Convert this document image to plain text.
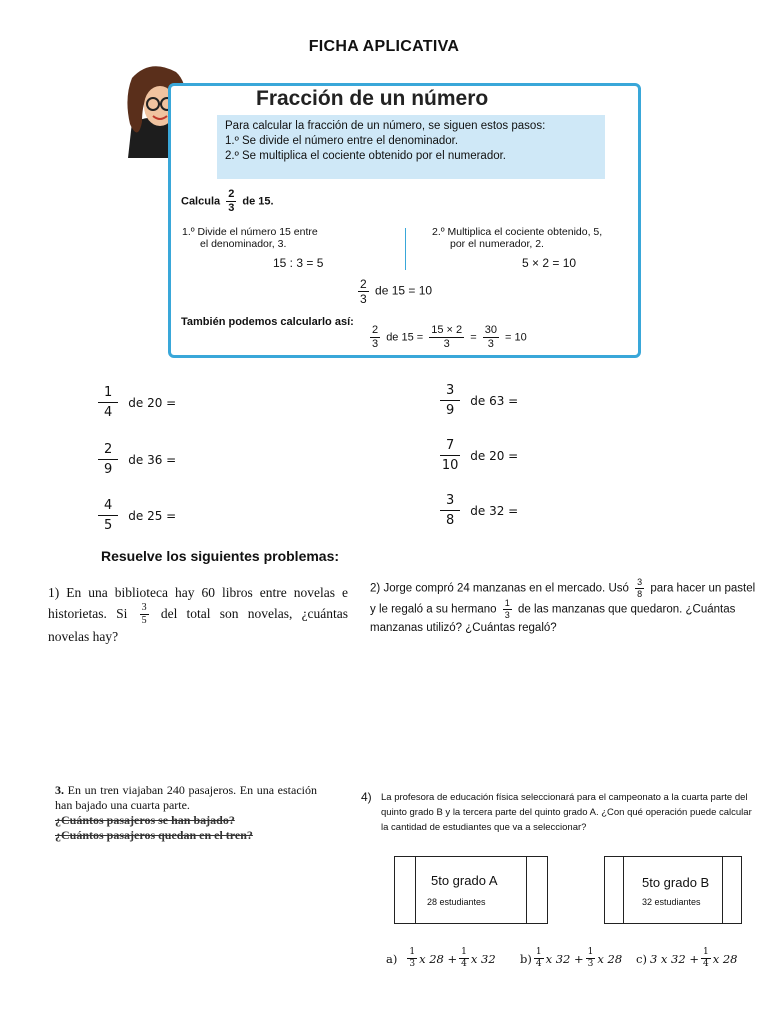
FICHA APLICATIVA
Fracción de un número
Para calcular la fracción de un número, se siguen estos pasos:
1.º Se divide el número entre el denominador.
2.º Se multiplica el cociente obtenido por el numerador.
Calcula $\frac{2}{3}$ de 15.
1.º Divide el número 15 entre
el denominador, 3.
15 : 3 = 5
2.º Multiplica el cociente obtenido, 5,
por el numerador, 2.
5 × 2 = 10
$\frac{2}{3}$ de 15 = 10
También podemos calcularlo así:
$\frac{2}{3}$ de $15 = \frac{15 \times 2}{3} = \frac{30}{3} = 10$
$\frac{1}{4}$ de 20 =
$\frac{2}{9}$ de 36 =
$\frac{4}{5}$ de 25 =
$\frac{3}{9}$ de 63 =
$\frac{7}{10}$ de 20 =
$\frac{3}{8}$ de 32 =
Resuelve los siguientes problemas:
1) En una biblioteca hay 60 libros entre novelas e historietas. Si $\frac{3}{5}$ del total son novelas, ¿cuántas novelas hay?
2) Jorge compró 24 manzanas en el mercado. Usó $\frac{3}{8}$ para hacer un pastel y le regaló a su hermano $\frac{1}{3}$ de las manzanas que quedaron. ¿Cuántas manzanas utilizó? ¿Cuántas regaló?
3. En un tren viajaban 240 pasajeros. En una estación han bajado una cuarta parte.
¿Cuántos pasajeros se han bajado?
¿Cuántos pasajeros quedan en el tren?
4) La profesora de educación física seleccionará para el campeonato a la cuarta parte del quinto grado B y la tercera parte del quinto grado A. ¿Con qué operación puede calcular la cantidad de estudiantes que va a seleccionar?
5to grado A
28 estudiantes
5to grado B
32 estudiantes
$a) \frac{1}{3}$ x $28 + \frac{1}{4}$ x 32 $b) \frac{1}{4}$ x $32 + \frac{1}{3}$ x 28 c) 3 x $32 + \frac{1}{4}$ x 28
